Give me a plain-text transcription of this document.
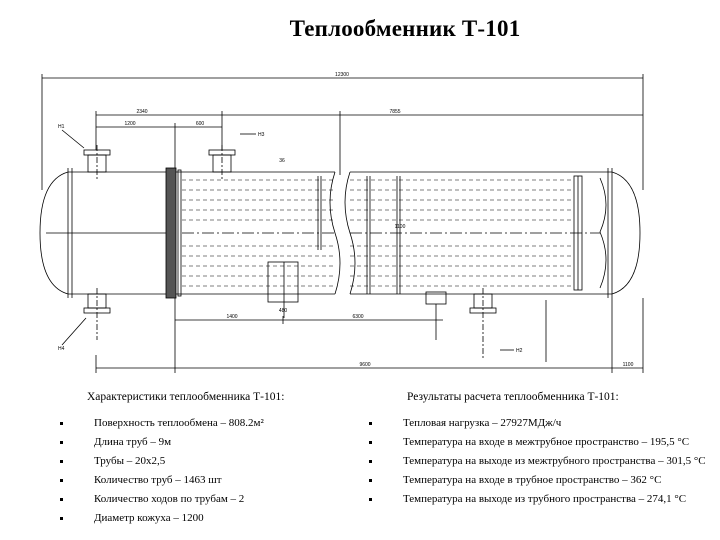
Теплообменник Т-101
12300
2340	7855
1200	600
36
1100
1400
480
6300
9600	1100
H1
H3
H4	H2
Характеристики теплообменника Т-101:
Поверхность теплообмена – 808.2м²
Длина труб – 9м
Трубы – 20х2,5
Количество труб – 1463 шт
Количество ходов по трубам – 2
Диаметр кожуха – 1200
Результаты расчета теплообменника Т-101:
Тепловая нагрузка – 27927МДж/ч
Температура на входе в межтрубное пространство – 195,5 °С
Температура на выходе из межтрубного пространства – 301,5 °С
Температура на входе в трубное пространство – 362 °С
Температура на выходе из трубного пространства – 274,1 °С
